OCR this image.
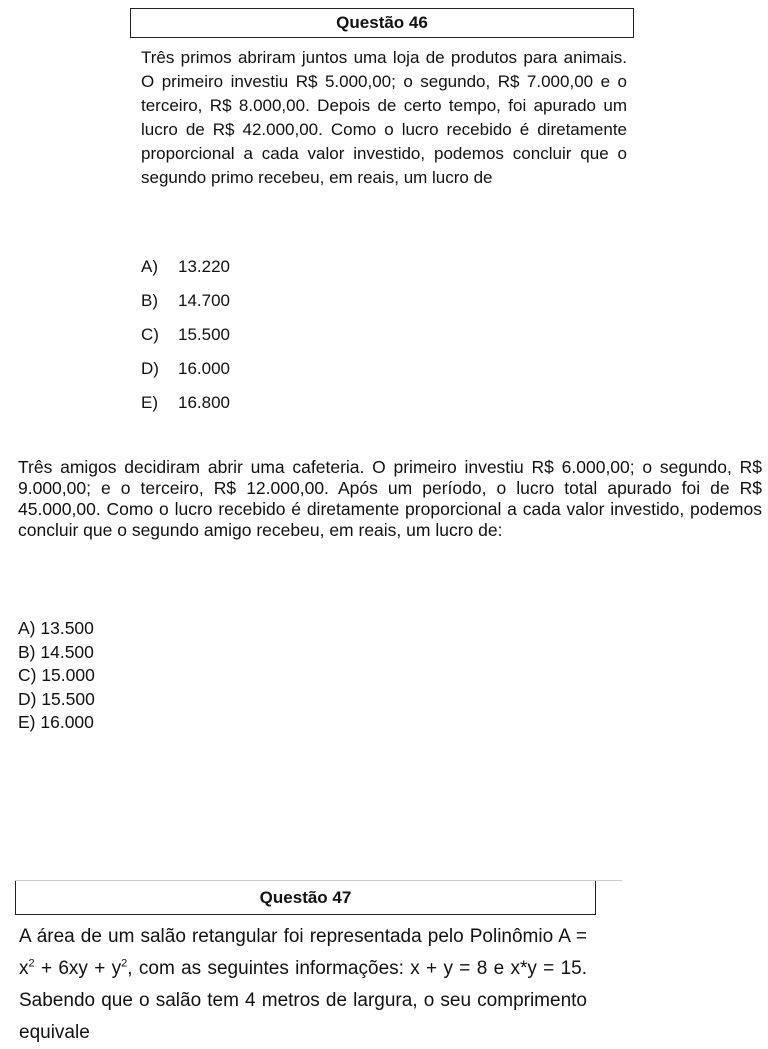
Questão 46
Três primos abriram juntos uma loja de produtos para animais. O primeiro investiu R$ 5.000,00; o segundo, R$ 7.000,00 e o terceiro, R$ 8.000,00. Depois de certo tempo, foi apurado um lucro de R$ 42.000,00. Como o lucro recebido é diretamente proporcional a cada valor investido, podemos concluir que o segundo primo recebeu, em reais, um lucro de
A)	13.220
B)	14.700
C)	15.500
D)	16.000
E)	16.800
Três amigos decidiram abrir uma cafeteria. O primeiro investiu R$ 6.000,00; o segundo, R$ 9.000,00; e o terceiro, R$ 12.000,00. Após um período, o lucro total apurado foi de R$ 45.000,00. Como o lucro recebido é diretamente proporcional a cada valor investido, podemos concluir que o segundo amigo recebeu, em reais, um lucro de:
A) 13.500
B) 14.500
C) 15.000
D) 15.500
E) 16.000
Questão 47
A área de um salão retangular foi representada pelo Polinômio $A = x^2 + 6xy + y^2$, com as seguintes informações: x + y = 8 e x*y = 15. Sabendo que o salão tem 4 metros de largura, o seu comprimento equivale
